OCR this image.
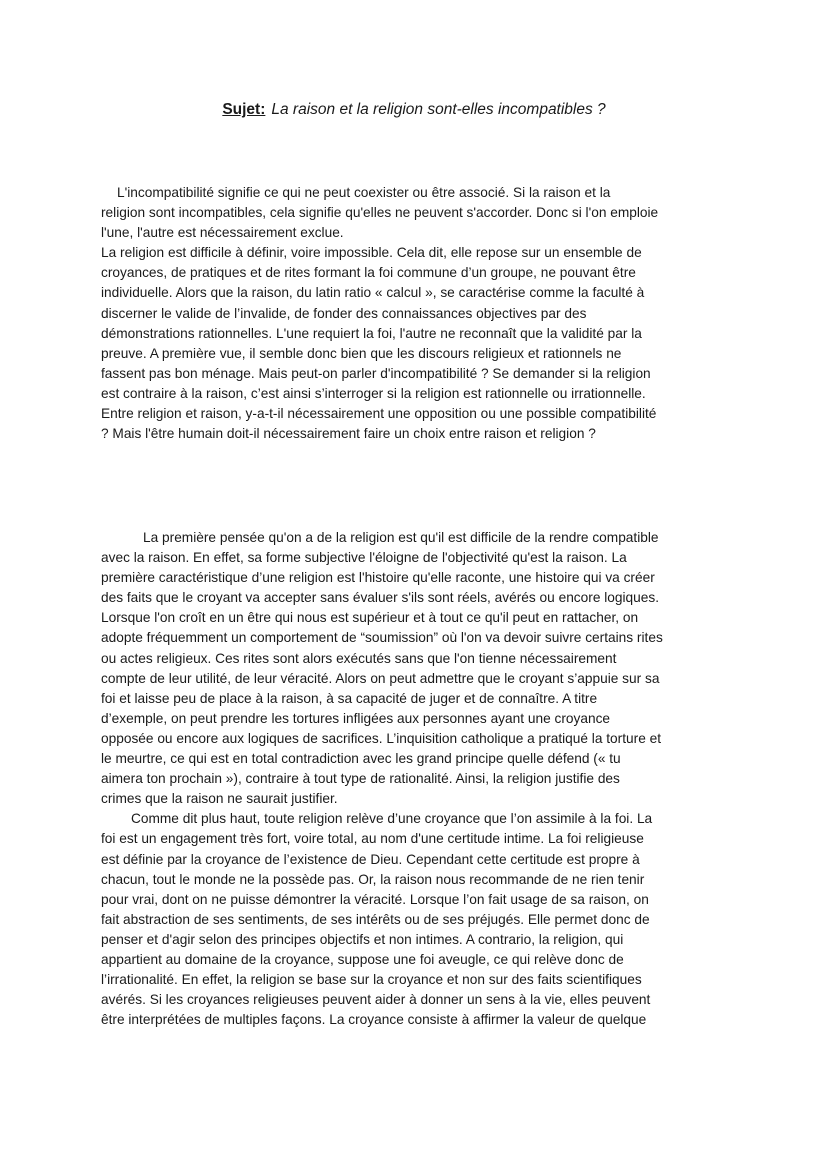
Sujet: La raison et la religion sont-elles incompatibles ?
L'incompatibilité signifie ce qui ne peut coexister ou être associé. Si la raison et la
religion sont incompatibles, cela signifie qu'elles ne peuvent s'accorder. Donc si l'on emploie
l'une, l'autre est nécessairement exclue.
La religion est difficile à définir, voire impossible. Cela dit, elle repose sur un ensemble de
croyances, de pratiques et de rites formant la foi commune d’un groupe, ne pouvant être
individuelle. Alors que la raison, du latin ratio « calcul », se caractérise comme la faculté à
discerner le valide de l’invalide, de fonder des connaissances objectives par des
démonstrations rationnelles. L'une requiert la foi, l'autre ne reconnaît que la validité par la
preuve. A première vue, il semble donc bien que les discours religieux et rationnels ne
fassent pas bon ménage. Mais peut-on parler d'incompatibilité ? Se demander si la religion
est contraire à la raison, c’est ainsi s’interroger si la religion est rationnelle ou irrationnelle.
Entre religion et raison, y-a-t-il nécessairement une opposition ou une possible compatibilité
? Mais l'être humain doit-il nécessairement faire un choix entre raison et religion ?
La première pensée qu'on a de la religion est qu'il est difficile de la rendre compatible
avec la raison. En effet, sa forme subjective l'éloigne de l'objectivité qu'est la raison. La
première caractéristique d’une religion est l'histoire qu'elle raconte, une histoire qui va créer
des faits que le croyant va accepter sans évaluer s'ils sont réels, avérés ou encore logiques.
Lorsque l'on croît en un être qui nous est supérieur et à tout ce qu'il peut en rattacher, on
adopte fréquemment un comportement de “soumission” où l'on va devoir suivre certains rites
ou actes religieux. Ces rites sont alors exécutés sans que l'on tienne nécessairement
compte de leur utilité, de leur véracité. Alors on peut admettre que le croyant s’appuie sur sa
foi et laisse peu de place à la raison, à sa capacité de juger et de connaître. A titre
d’exemple, on peut prendre les tortures infligées aux personnes ayant une croyance
opposée ou encore aux logiques de sacrifices. L’inquisition catholique a pratiqué la torture et
le meurtre, ce qui est en total contradiction avec les grand principe quelle défend (« tu
aimera ton prochain »), contraire à tout type de rationalité. Ainsi, la religion justifie des
crimes que la raison ne saurait justifier.
Comme dit plus haut, toute religion relève d’une croyance que l’on assimile à la foi. La
foi est un engagement très fort, voire total, au nom d'une certitude intime. La foi religieuse
est définie par la croyance de l’existence de Dieu. Cependant cette certitude est propre à
chacun, tout le monde ne la possède pas. Or, la raison nous recommande de ne rien tenir
pour vrai, dont on ne puisse démontrer la véracité. Lorsque l’on fait usage de sa raison, on
fait abstraction de ses sentiments, de ses intérêts ou de ses préjugés. Elle permet donc de
penser et d'agir selon des principes objectifs et non intimes. A contrario, la religion, qui
appartient au domaine de la croyance, suppose une foi aveugle, ce qui relève donc de
l’irrationalité. En effet, la religion se base sur la croyance et non sur des faits scientifiques
avérés. Si les croyances religieuses peuvent aider à donner un sens à la vie, elles peuvent
être interprétées de multiples façons. La croyance consiste à affirmer la valeur de quelque
